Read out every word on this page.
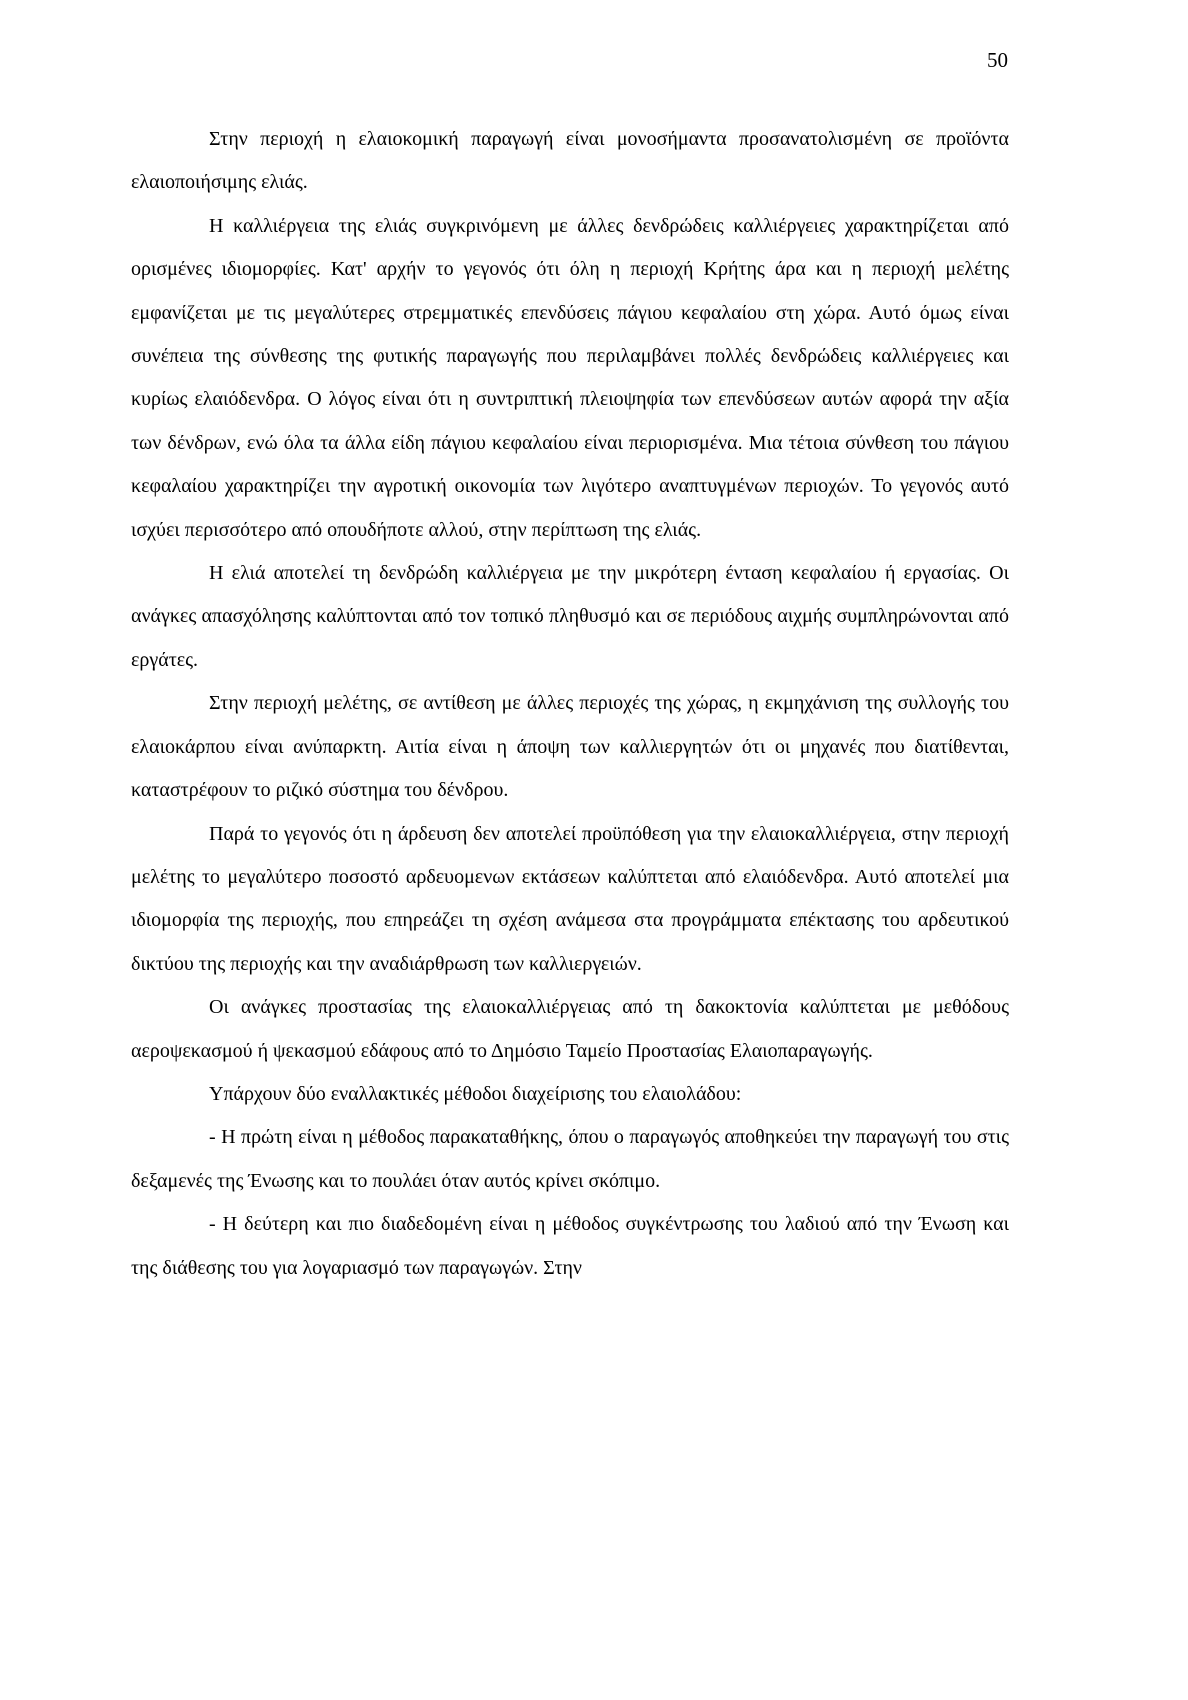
50

Στην περιοχή η ελαιοκομική παραγωγή είναι μονοσήμαντα προσανατολισμένη σε προϊόντα ελαιοποιήσιμης ελιάς.

Η καλλιέργεια της ελιάς συγκρινόμενη με άλλες δενδρώδεις καλλιέργειες χαρακτηρίζεται από ορισμένες ιδιομορφίες. Κατ' αρχήν το γεγονός ότι όλη η περιοχή Κρήτης άρα και η περιοχή μελέτης εμφανίζεται με τις μεγαλύτερες στρεμματικές επενδύσεις πάγιου κεφαλαίου στη χώρα. Αυτό όμως είναι συνέπεια της σύνθεσης της φυτικής παραγωγής που περιλαμβάνει πολλές δενδρώδεις καλλιέργειες και κυρίως ελαιόδενδρα. Ο λόγος είναι ότι η συντριπτική πλειοψηφία των επενδύσεων αυτών αφορά την αξία των δένδρων, ενώ όλα τα άλλα είδη πάγιου κεφαλαίου είναι περιορισμένα. Μια τέτοια σύνθεση του πάγιου κεφαλαίου χαρακτηρίζει την αγροτική οικονομία των λιγότερο αναπτυγμένων περιοχών. Το γεγονός αυτό ισχύει περισσότερο από οπουδήποτε αλλού, στην περίπτωση της ελιάς.

Η ελιά αποτελεί τη δενδρώδη καλλιέργεια με την μικρότερη ένταση κεφαλαίου ή εργασίας. Οι ανάγκες απασχόλησης καλύπτονται από τον τοπικό πληθυσμό και σε περιόδους αιχμής συμπληρώνονται από εργάτες.

Στην περιοχή μελέτης, σε αντίθεση με άλλες περιοχές της χώρας, η εκμηχάνιση της συλλογής του ελαιοκάρπου είναι ανύπαρκτη. Αιτία είναι η άποψη των καλλιεργητών ότι οι μηχανές που διατίθενται, καταστρέφουν το ριζικό σύστημα του δένδρου.

Παρά το γεγονός ότι η άρδευση δεν αποτελεί προϋπόθεση για την ελαιοκαλλιέργεια, στην περιοχή μελέτης το μεγαλύτερο ποσοστό αρδευομενων εκτάσεων καλύπτεται από ελαιόδενδρα. Αυτό αποτελεί μια ιδιομορφία της περιοχής, που επηρεάζει τη σχέση ανάμεσα στα προγράμματα επέκτασης του αρδευτικού δικτύου της περιοχής και την αναδιάρθρωση των καλλιεργειών.

Οι ανάγκες προστασίας της ελαιοκαλλιέργειας από τη δακοκτονία καλύπτεται με μεθόδους αεροψεκασμού ή ψεκασμού εδάφους από το Δημόσιο Ταμείο Προστασίας Ελαιοπαραγωγής.

Υπάρχουν δύο εναλλακτικές μέθοδοι διαχείρισης του ελαιολάδου:

- Η πρώτη είναι η μέθοδος παρακαταθήκης, όπου ο παραγωγός αποθηκεύει την παραγωγή του στις δεξαμενές της Ένωσης και το πουλάει όταν αυτός κρίνει σκόπιμο.

- Η δεύτερη και πιο διαδεδομένη είναι η μέθοδος συγκέντρωσης του λαδιού από την Ένωση και της διάθεσης του για λογαριασμό των παραγωγών. Στην
